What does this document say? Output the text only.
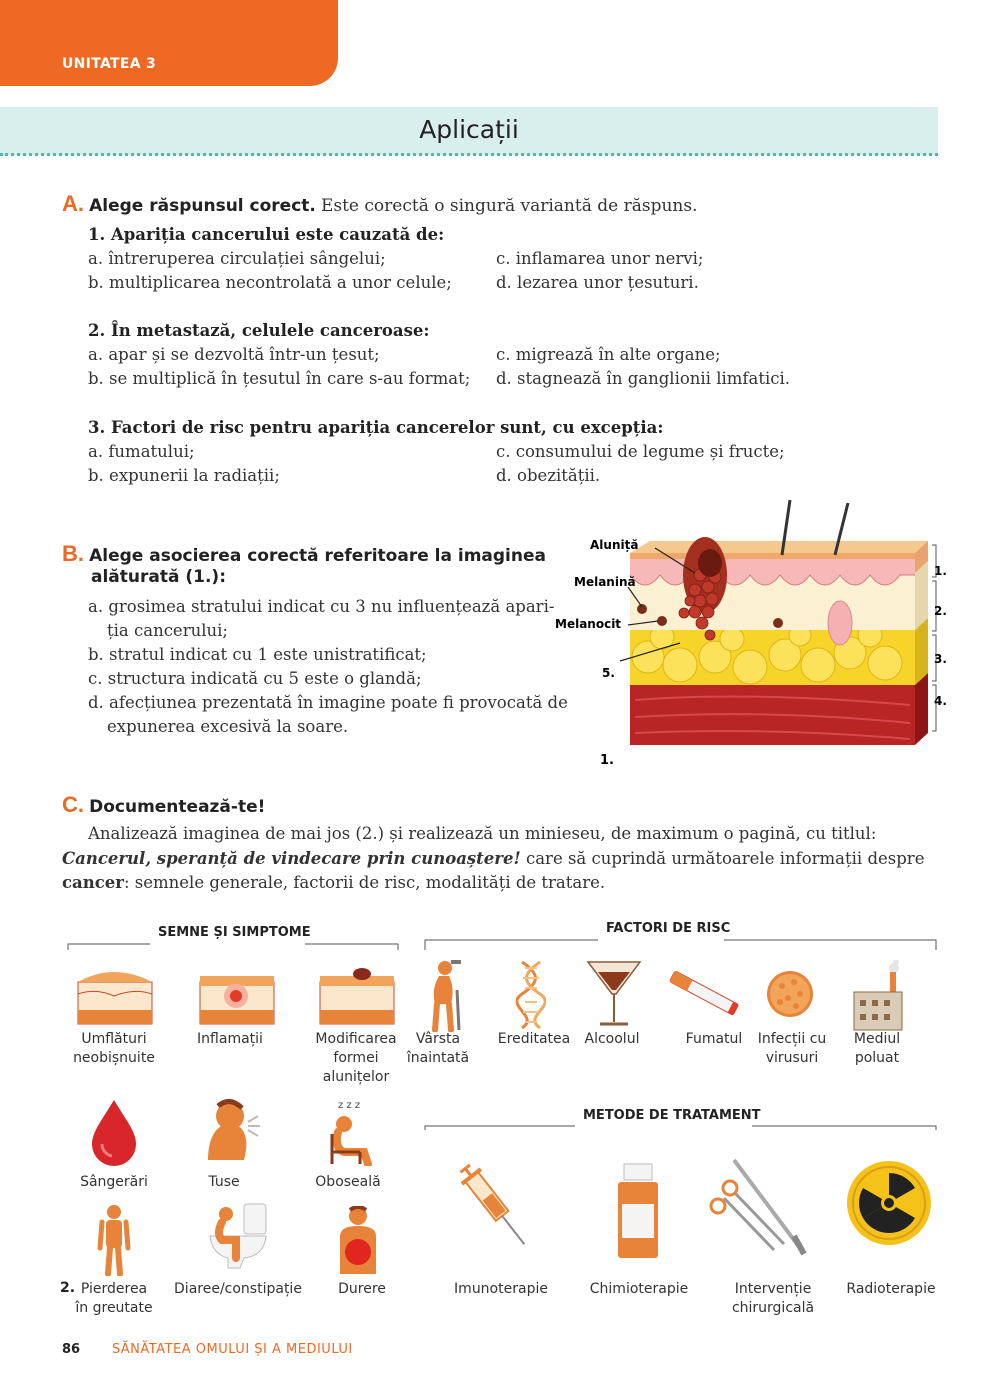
UNITATEA 3
Aplicații
A. Alege răspunsul corect. Este corectă o singură variantă de răspuns.
1. Apariția cancerului este cauzată de:
a. întreruperea circulației sângelui;
b. multiplicarea necontrolată a unor celule;
c. inflamarea unor nervi;
d. lezarea unor țesuturi.
2. În metastază, celulele canceroase:
a. apar și se dezvoltă într-un țesut;
b. se multiplică în țesutul în care s-au format;
c. migrează în alte organe;
d. stagnează în ganglionii limfatici.
3. Factori de risc pentru apariția cancerelor sunt, cu excepția:
a. fumatului;
b. expunerii la radiații;
c. consumului de legume și fructe;
d. obezității.
B. Alege asocierea corectă referitoare la imaginea
alăturată (1.):
a. grosimea stratului indicat cu 3 nu influențează apari-
ția cancerului;
b. stratul indicat cu 1 este unistratificat;
c. structura indicată cu 5 este o glandă;
d. afecțiunea prezentată în imagine poate fi provocată de
expunerea excesivă la soare.
Aluniță
Melanină
Melanocit
5.
1.
2.
3.
4.
1.
C. Documentează-te!
Analizează imaginea de mai jos (2.) și realizează un minieseu, de maximum o pagină, cu titlul: Cancerul, speranță de vindecare prin cunoaștere! care să cuprindă următoarele informații despre cancer: semnele generale, factorii de risc, modalități de tratare.
SEMNE ȘI SIMPTOME	FACTORI DE RISC
METODE DE TRATAMENT
Umflături
neobișnuite
Inflamații	Modificarea
formei
alunițelor
z z z
Sângerări	Tuse	Oboseală
2. Pierderea
în greutate
Diaree/constipație	Durere
Vârsta
înaintată
Ereditatea	Alcoolul	Fumatul	Infecții cu
virusuri
Mediul
poluat
Imunoterapie	Chimioterapie	Intervenție
chirurgicală
Radioterapie
86 SĂNĂTATEA OMULUI ȘI A MEDIULUI
